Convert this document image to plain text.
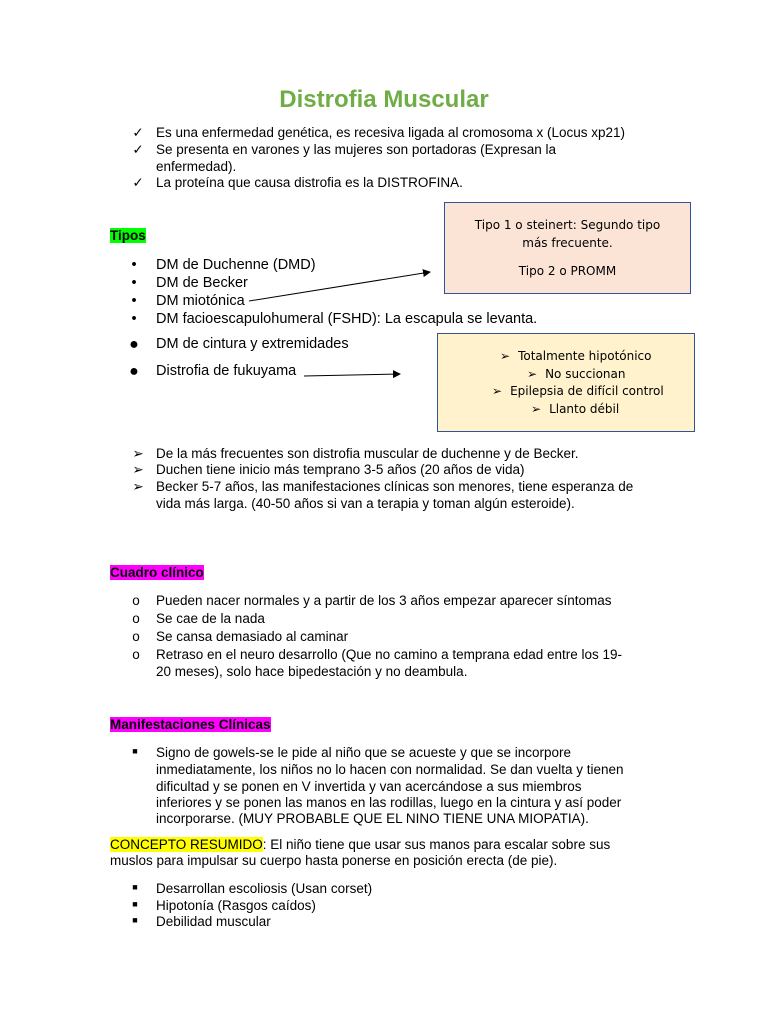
Distrofia Muscular
✓ Es una enfermedad genética, es recesiva ligada al cromosoma x (Locus xp21)
✓ Se presenta en varones y las mujeres son portadoras (Expresan la
enfermedad).
✓ La proteína que causa distrofia es la DISTROFINA.
Tipos
•	DM de Duchenne (DMD)
•	DM de Becker
•	DM miotónica
•	DM facioescapulohumeral (FSHD): La escapula se levanta.
● DM de cintura y extremidades
● Distrofia de fukuyama
Tipo 1 o steinert: Segundo tipo
más frecuente.
Tipo 2 o PROMM
➢ Totalmente hipotónico
➢ No succionan
➢ Epilepsia de difícil control
➢ Llanto débil
➢ De la más frecuentes son distrofia muscular de duchenne y de Becker.
➢ Duchen tiene inicio más temprano 3-5 años (20 años de vida)
➢ Becker 5-7 años, las manifestaciones clínicas son menores, tiene esperanza de
vida más larga. (40-50 años si van a terapia y toman algún esteroide).
Cuadro clínico
o	Pueden nacer normales y a partir de los 3 años empezar aparecer síntomas
o	Se cae de la nada
o	Se cansa demasiado al caminar
o	Retraso en el neuro desarrollo (Que no camino a temprana edad entre los 19-
20 meses), solo hace bipedestación y no deambula.
Manifestaciones Clínicas
■	Signo de gowels-se le pide al niño que se acueste y que se incorpore
inmediatamente, los niños no lo hacen con normalidad. Se dan vuelta y tienen
dificultad y se ponen en V invertida y van acercándose a sus miembros
inferiores y se ponen las manos en las rodillas, luego en la cintura y así poder
incorporarse. (MUY PROBABLE QUE EL NINO TIENE UNA MIOPATIA).
CONCEPTO RESUMIDO: El niño tiene que usar sus manos para escalar sobre sus
muslos para impulsar su cuerpo hasta ponerse en posición erecta (de pie).
■	Desarrollan escoliosis (Usan corset)
■	Hipotonía (Rasgos caídos)
■	Debilidad muscular
